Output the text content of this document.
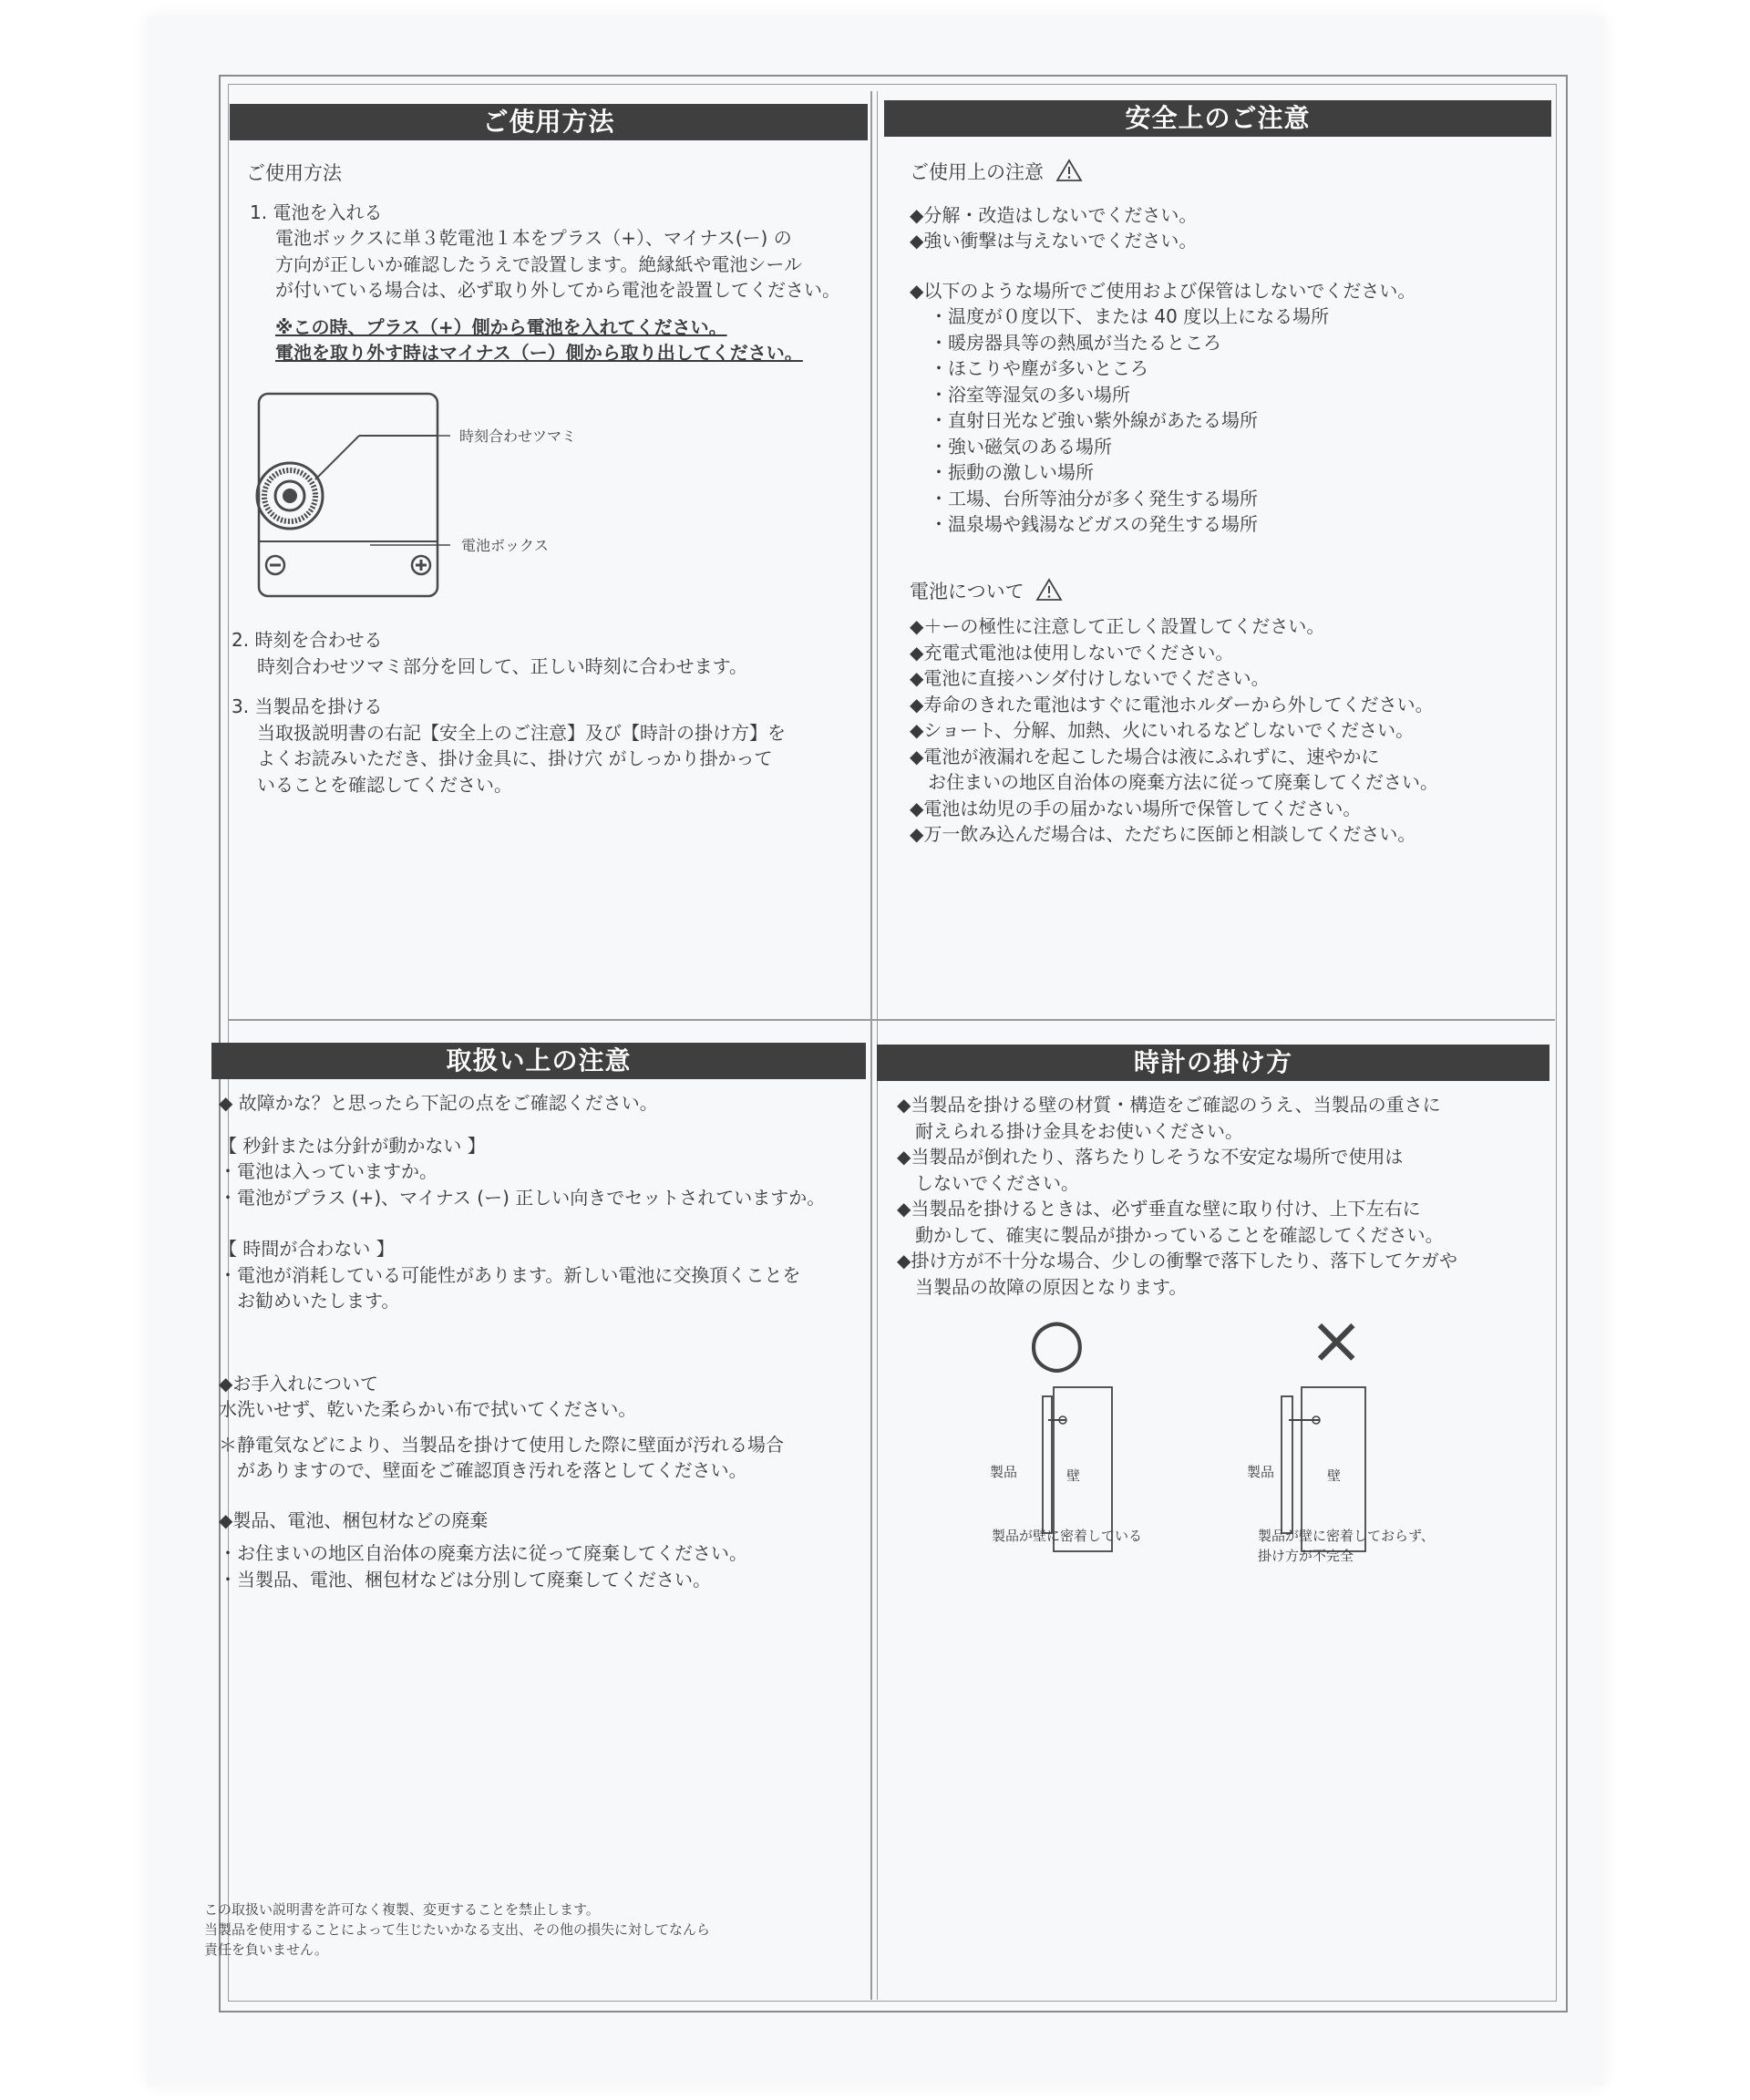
ご使用方法
ご使用方法
1. 電池を入れる
電池ボックスに単３乾電池１本をプラス（+）、マイナス(ー) の
方向が正しいか確認したうえで設置します。絶縁紙や電池シール
が付いている場合は、必ず取り外してから電池を設置してください。
※この時、プラス（+）側から電池を入れてください。
電池を取り外す時はマイナス（ー）側から取り出してください。
時刻合わせツマミ
電池ボックス
2. 時刻を合わせる
時刻合わせツマミ部分を回して、正しい時刻に合わせます。
3. 当製品を掛ける
当取扱説明書の右記【安全上のご注意】及び【時計の掛け方】を
よくお読みいただき、掛け金具に、掛け穴 がしっかり掛かって
いることを確認してください。
安全上のご注意
ご使用上の注意
◆分解・改造はしないでください。
◆強い衝撃は与えないでください。
◆以下のような場所でご使用および保管はしないでください。
・温度が０度以下、または 40 度以上になる場所
・暖房器具等の熱風が当たるところ
・ほこりや塵が多いところ
・浴室等湿気の多い場所
・直射日光など強い紫外線があたる場所
・強い磁気のある場所
・振動の激しい場所
・工場、台所等油分が多く発生する場所
・温泉場や銭湯などガスの発生する場所
電池について
◆＋ーの極性に注意して正しく設置してください。
◆充電式電池は使用しないでください。
◆電池に直接ハンダ付けしないでください。
◆寿命のきれた電池はすぐに電池ホルダーから外してください。
◆ショート、分解、加熱、火にいれるなどしないでください。
◆電池が液漏れを起こした場合は液にふれずに、速やかに
　お住まいの地区自治体の廃棄方法に従って廃棄してください。
◆電池は幼児の手の届かない場所で保管してください。
◆万一飲み込んだ場合は、ただちに医師と相談してください。
取扱い上の注意
◆ 故障かな？と思ったら下記の点をご確認ください。
【 秒針または分針が動かない 】
・電池は入っていますか。
・電池がプラス (+)、マイナス (ー) 正しい向きでセットされていますか。
【 時間が合わない 】
・電池が消耗している可能性があります。新しい電池に交換頂くことを
　お勧めいたします。
◆お手入れについて
水洗いせず、乾いた柔らかい布で拭いてください。
＊静電気などにより、当製品を掛けて使用した際に壁面が汚れる場合
　がありますので、壁面をご確認頂き汚れを落としてください。
◆製品、電池、梱包材などの廃棄
・お住まいの地区自治体の廃棄方法に従って廃棄してください。
・当製品、電池、梱包材などは分別して廃棄してください。
この取扱い説明書を許可なく複製、変更することを禁止します。
当製品を使用することによって生じたいかなる支出、その他の損失に対してなんら
責任を負いません。
時計の掛け方
◆当製品を掛ける壁の材質・構造をご確認のうえ、当製品の重さに
　耐えられる掛け金具をお使いください。
◆当製品が倒れたり、落ちたりしそうな不安定な場所で使用は
　しないでください。
◆当製品を掛けるときは、必ず垂直な壁に取り付け、上下左右に
　動かして、確実に製品が掛かっていることを確認してください。
◆掛け方が不十分な場合、少しの衝撃で落下したり、落下してケガや
　当製品の故障の原因となります。
○
製品	壁
製品が壁に密着している
×
製品	壁
製品が壁に密着しておらず、
掛け方が不完全
